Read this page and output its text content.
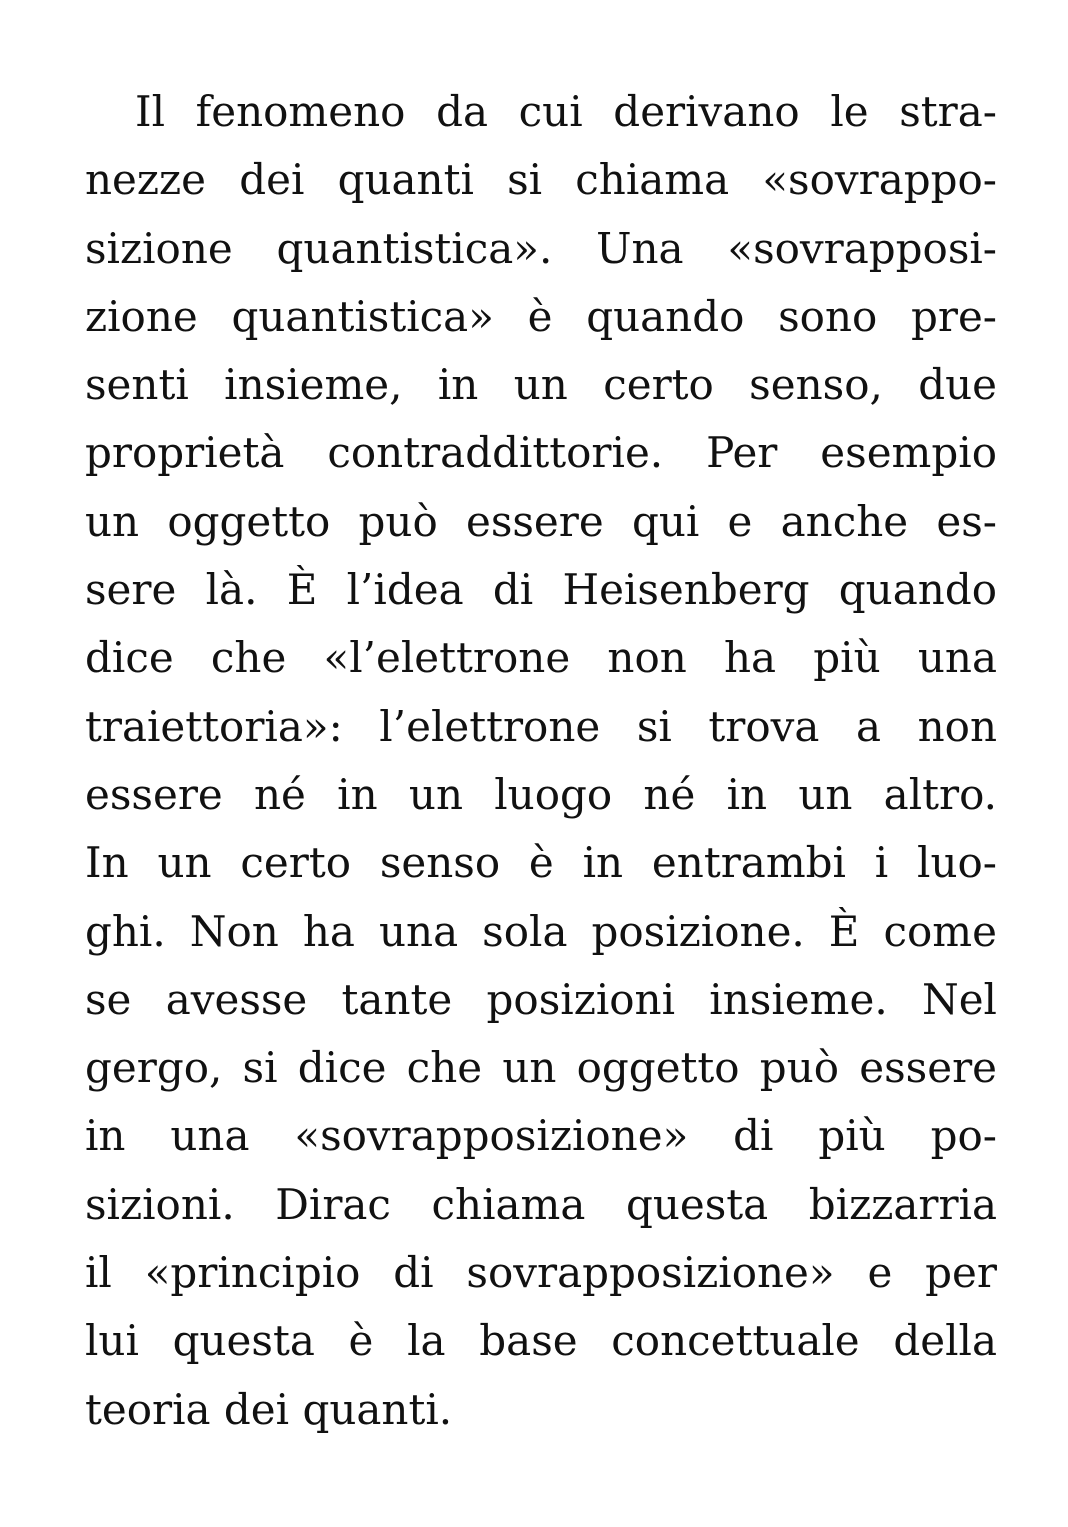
Il fenomeno da cui derivano le stra-
nezze dei quanti si chiama «sovrappo-
sizione quantistica». Una «sovrapposi-
zione quantistica» è quando sono pre-
senti insieme, in un certo senso, due
proprietà contraddittorie. Per esempio
un oggetto può essere qui e anche es-
sere là. È l’idea di Heisenberg quando
dice che «l’elettrone non ha più una
traiettoria»: l’elettrone si trova a non
essere né in un luogo né in un altro.
In un certo senso è in entrambi i luo-
ghi. Non ha una sola posizione. È come
se avesse tante posizioni insieme. Nel
gergo, si dice che un oggetto può essere
in una «sovrapposizione» di più po-
sizioni. Dirac chiama questa bizzarria
il «principio di sovrapposizione» e per
lui questa è la base concettuale della
teoria dei quanti.
